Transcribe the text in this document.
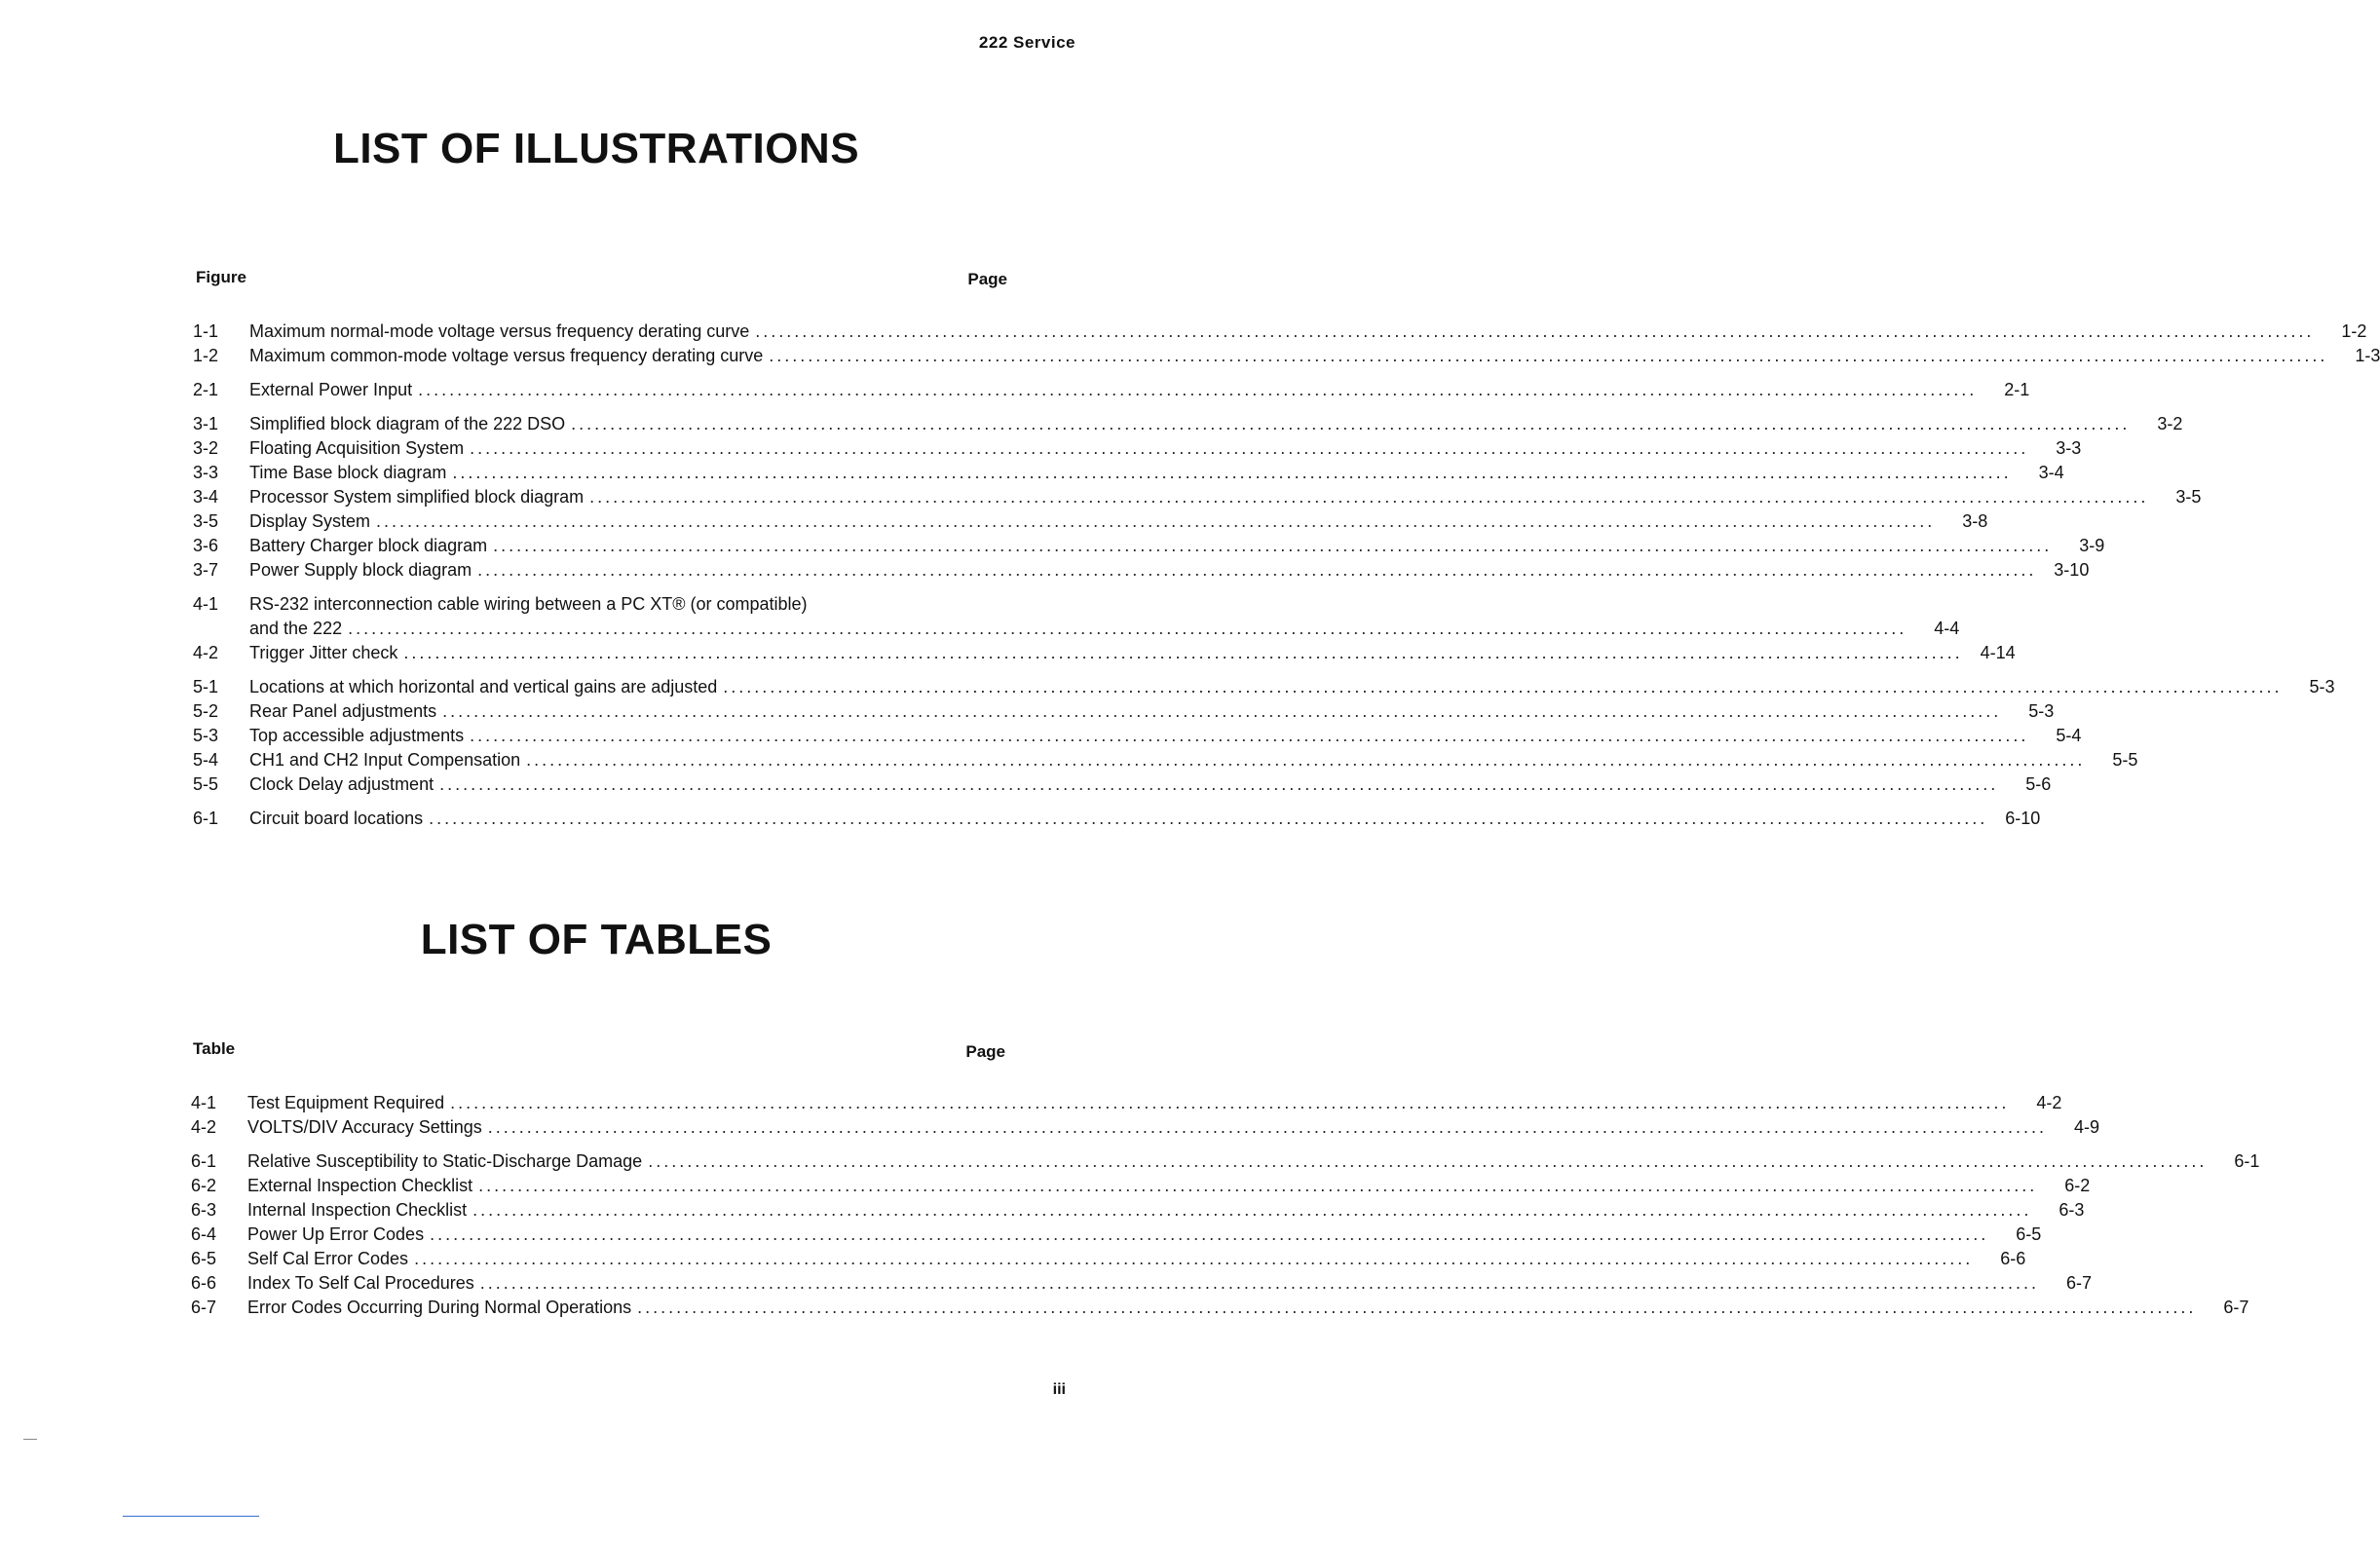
222 Service
LIST OF ILLUSTRATIONS
Figure	Page
1-1	Maximum normal-mode voltage versus frequency derating curve ........................................................................................................................................................................................................	1-2
1-2	Maximum common-mode voltage versus frequency derating curve ........................................................................................................................................................................................................	1-3
2-1	External Power Input ........................................................................................................................................................................................................	2-1
3-1	Simplified block diagram of the 222 DSO ........................................................................................................................................................................................................	3-2
3-2	Floating Acquisition System ........................................................................................................................................................................................................	3-3
3-3	Time Base block diagram ........................................................................................................................................................................................................	3-4
3-4	Processor System simplified block diagram ........................................................................................................................................................................................................	3-5
3-5	Display System ........................................................................................................................................................................................................	3-8
3-6	Battery Charger block diagram ........................................................................................................................................................................................................	3-9
3-7	Power Supply block diagram ........................................................................................................................................................................................................ 3-10
4-1	RS-232 interconnection cable wiring between a PC XT® (or compatible)
and the 222 ........................................................................................................................................................................................................	4-4
4-2	Trigger Jitter check ........................................................................................................................................................................................................ 4-14
5-1	Locations at which horizontal and vertical gains are adjusted ........................................................................................................................................................................................................	5-3
5-2	Rear Panel adjustments ........................................................................................................................................................................................................	5-3
5-3	Top accessible adjustments ........................................................................................................................................................................................................	5-4
5-4	CH1 and CH2 Input Compensation ........................................................................................................................................................................................................	5-5
5-5	Clock Delay adjustment ........................................................................................................................................................................................................	5-6
6-1	Circuit board locations ........................................................................................................................................................................................................ 6-10
LIST OF TABLES
Table	Page
4-1	Test Equipment Required ........................................................................................................................................................................................................	4-2
4-2	VOLTS/DIV Accuracy Settings ........................................................................................................................................................................................................	4-9
6-1	Relative Susceptibility to Static-Discharge Damage ........................................................................................................................................................................................................	6-1
6-2	External Inspection Checklist ........................................................................................................................................................................................................	6-2
6-3	Internal Inspection Checklist ........................................................................................................................................................................................................	6-3
6-4	Power Up Error Codes ........................................................................................................................................................................................................	6-5
6-5	Self Cal Error Codes ........................................................................................................................................................................................................	6-6
6-6	Index To Self Cal Procedures ........................................................................................................................................................................................................	6-7
6-7	Error Codes Occurring During Normal Operations ........................................................................................................................................................................................................	6-7
iii
